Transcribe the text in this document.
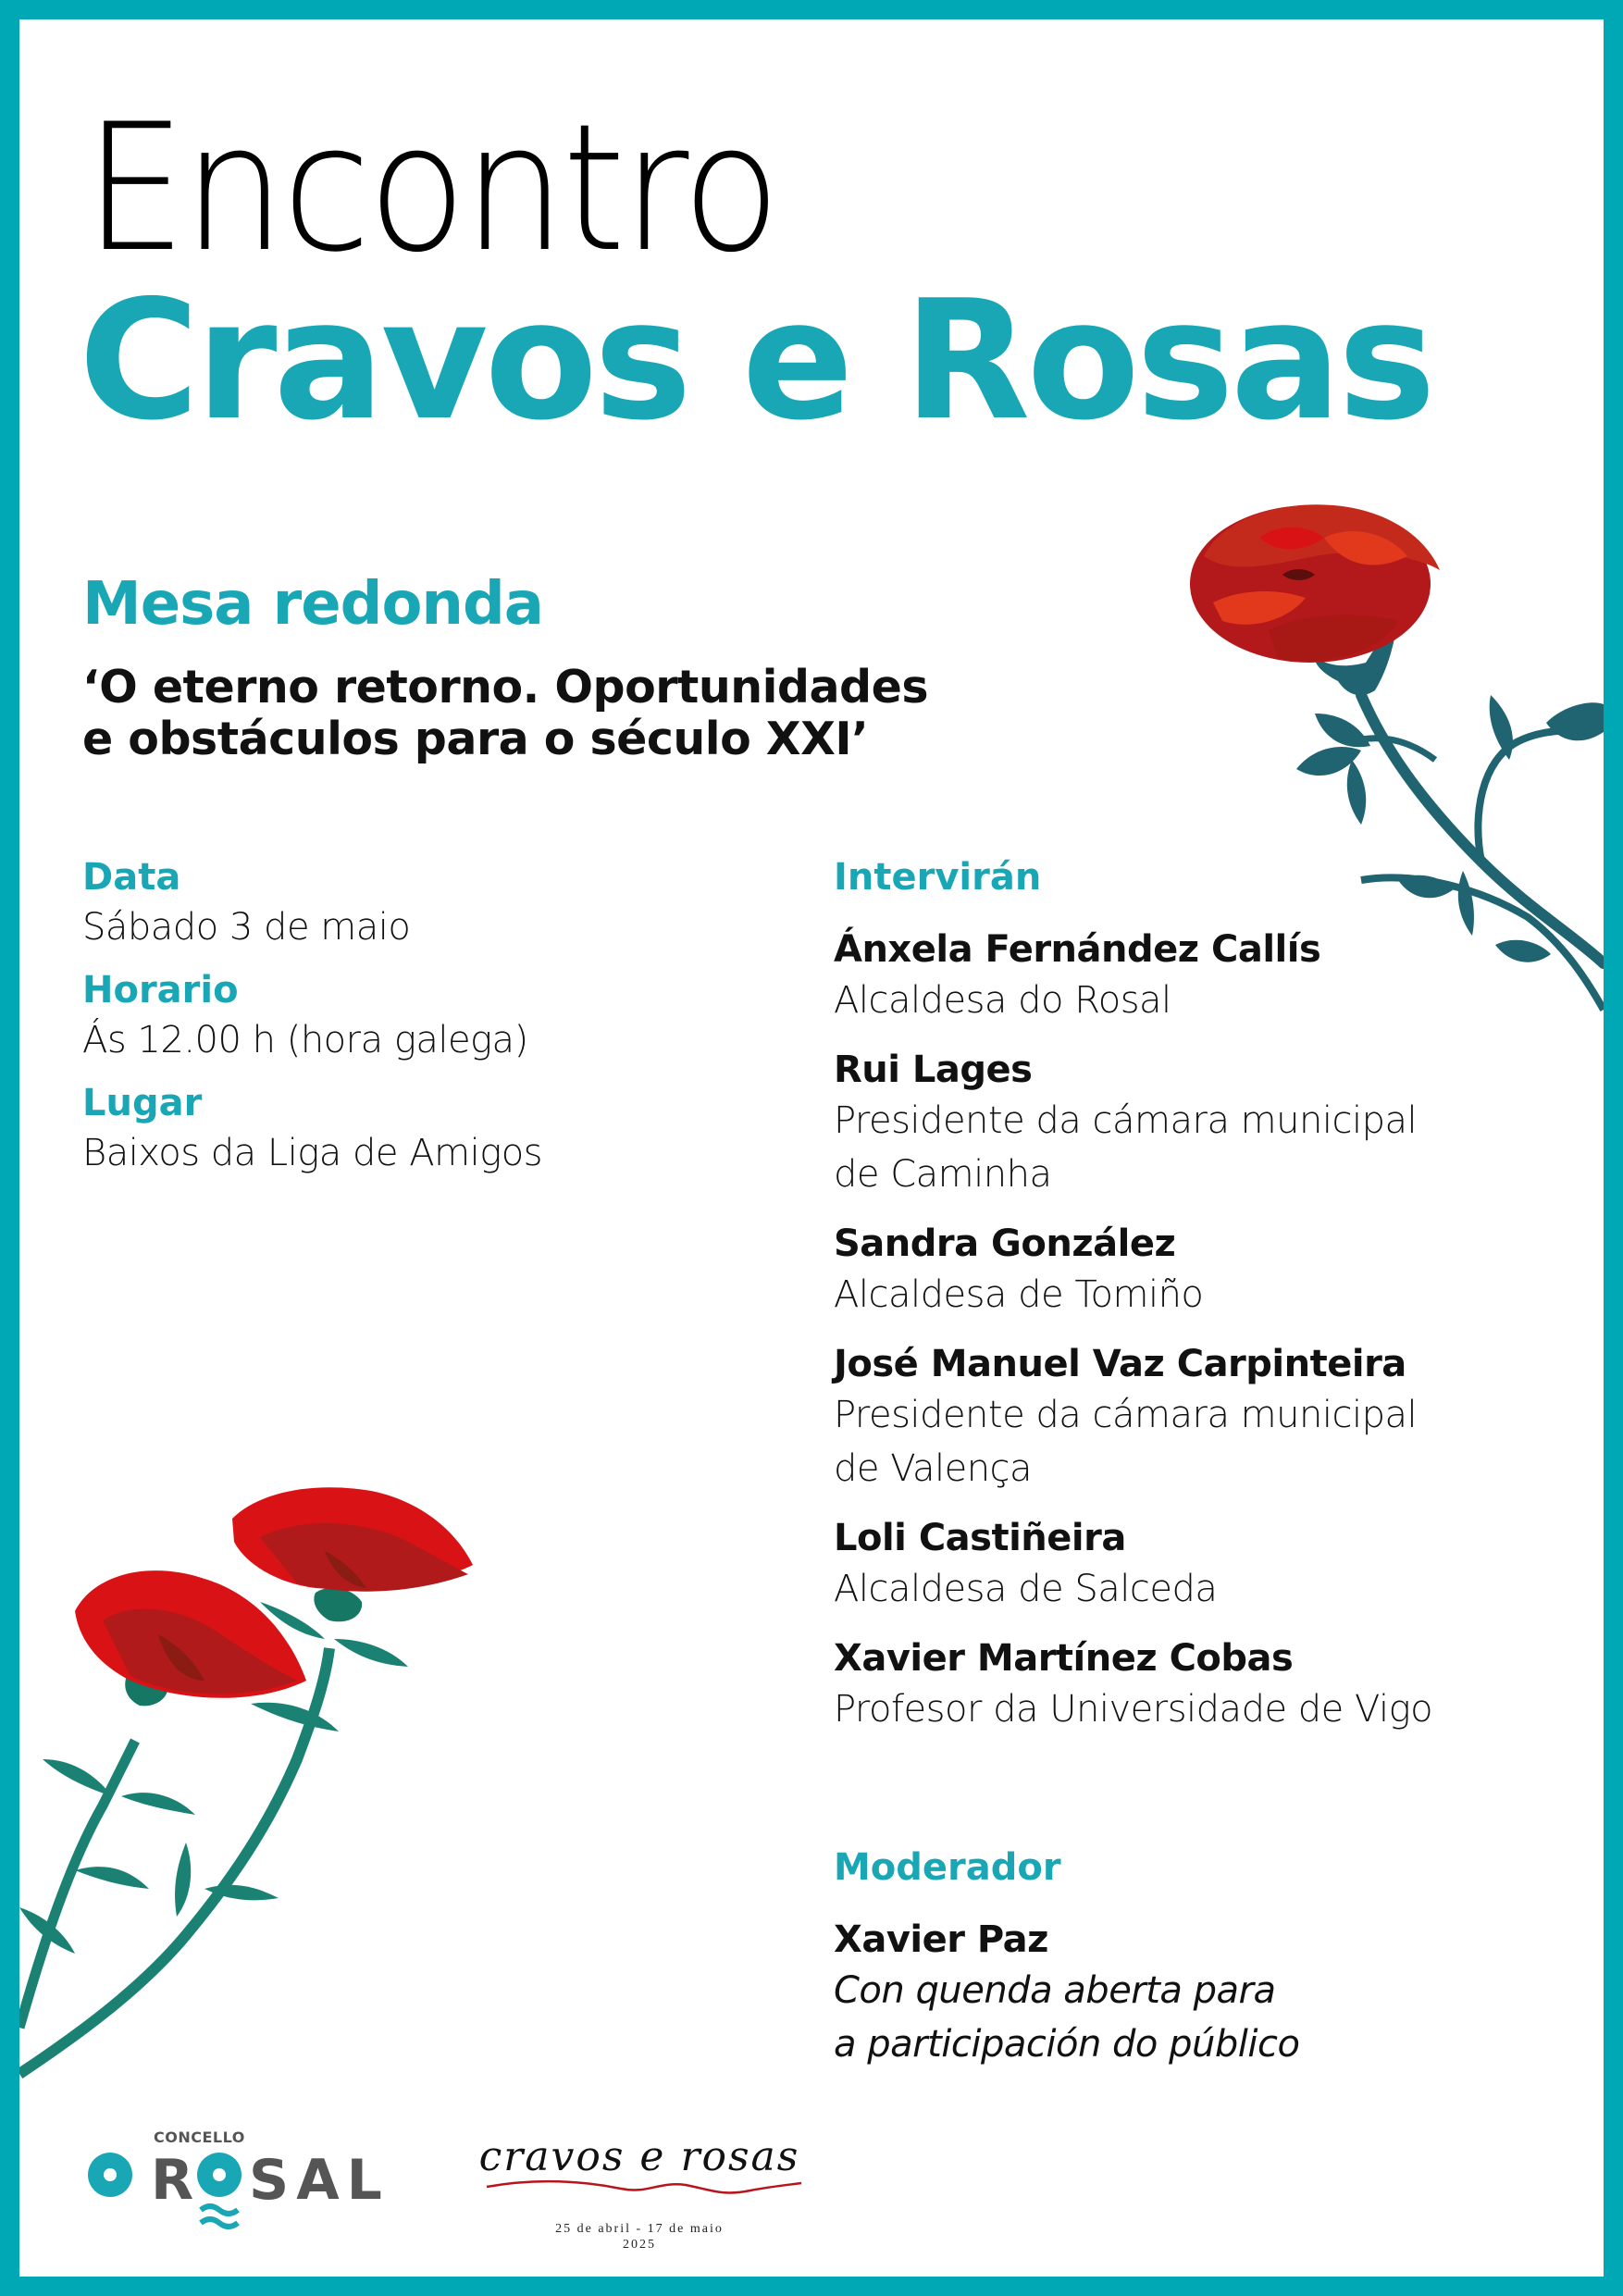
Encontro
Cravos e Rosas
Mesa redonda
‘O eterno retorno. Oportunidades
e obstáculos para o século XXI’
Data
Sábado 3 de maio
Horario
Ás 12.00 h (hora galega)
Lugar
Baixos da Liga de Amigos
Intervirán
Ánxela Fernández Callís
Alcaldesa do Rosal
Rui Lages
Presidente da cámara municipal
de Caminha
Sandra González
Alcaldesa de Tomiño
José Manuel Vaz Carpinteira
Presidente da cámara municipal
de Valença
Loli Castiñeira
Alcaldesa de Salceda
Xavier Martínez Cobas
Profesor da Universidade de Vigo
Moderador
Xavier Paz
Con quenda aberta para
a participación do público
CONCELLO
R SAL	cravos e rosas
25 de abril - 17 de maio
2025
